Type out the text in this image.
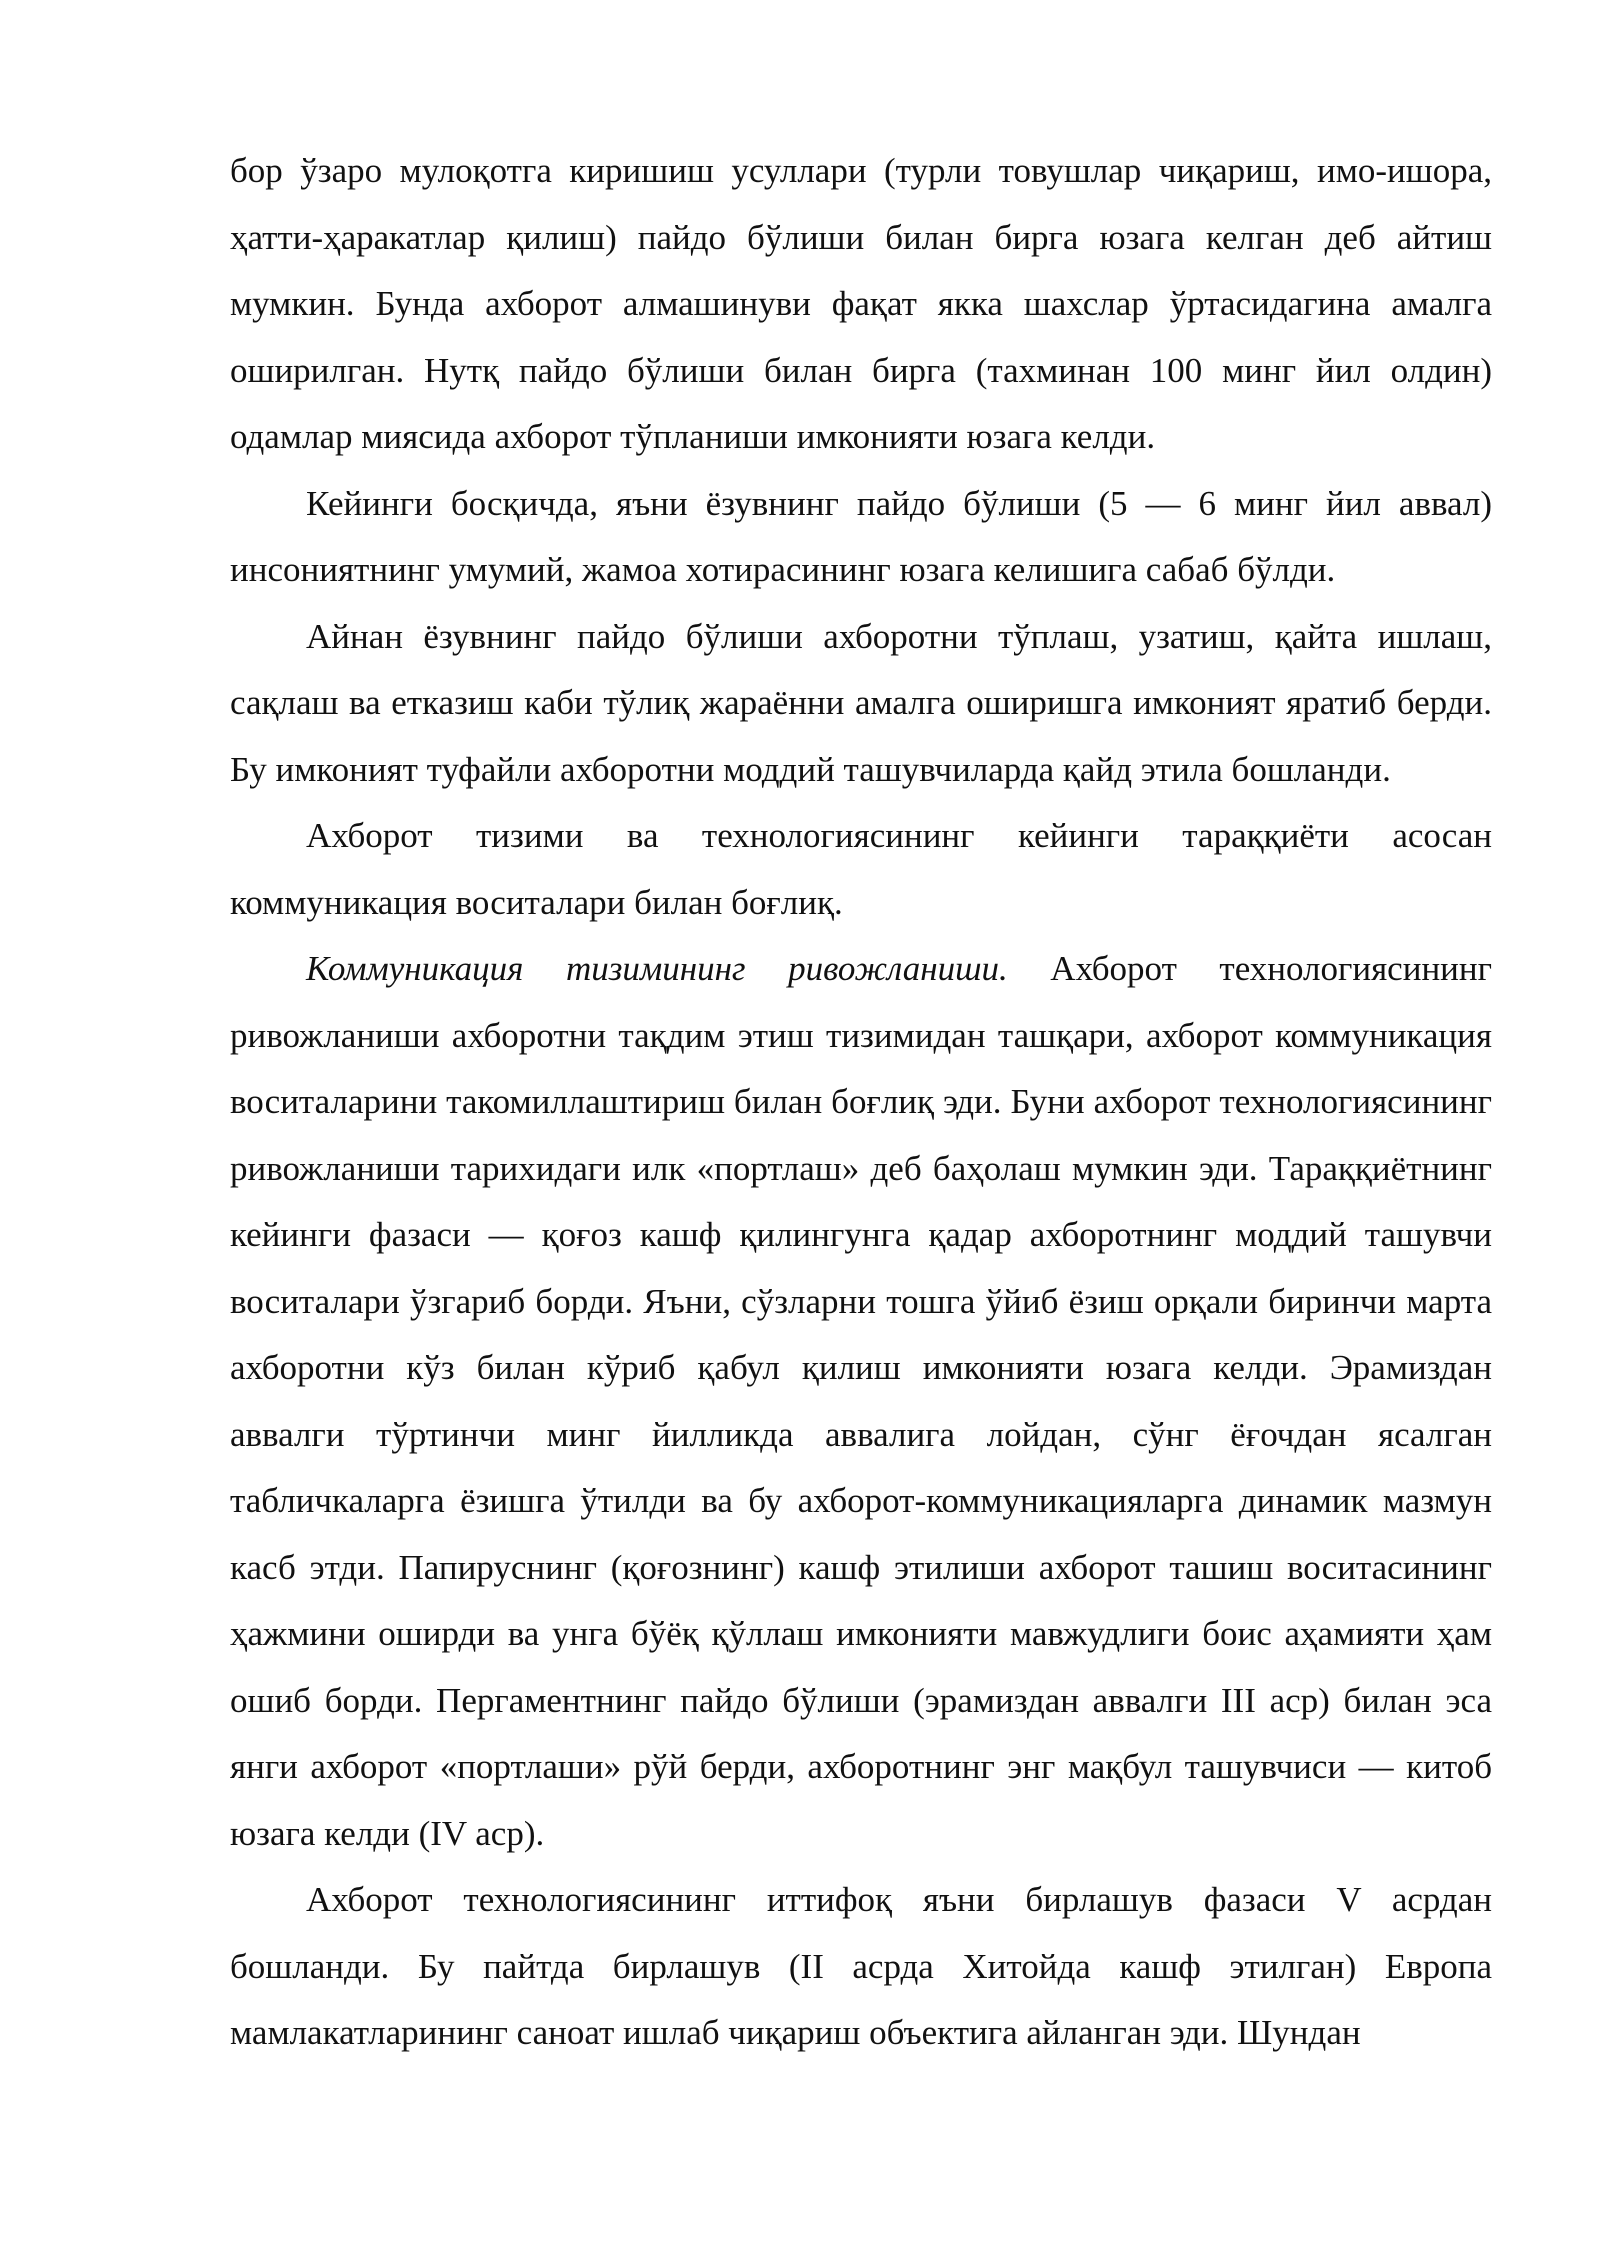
бор ўзаро мулоқотга киришиш усуллари (турли товушлар чиқариш, имо-ишора, ҳатти-ҳаракатлар қилиш) пайдо бўлиши билан бирга юзага келган деб айтиш мумкин. Бунда ахборот алмашинуви фақат якка шахслар ўртасидагина амалга оширилган. Нутқ пайдо бўлиши билан бирга (тахминан 100 минг йил олдин) одамлар миясида ахборот тўпланиши имконияти юзага келди.

Кейинги босқичда, яъни ёзувнинг пайдо бўлиши (5 — 6 минг йил аввал) инсониятнинг умумий, жамоа хотирасининг юзага келишига сабаб бўлди.

Айнан ёзувнинг пайдо бўлиши ахборотни тўплаш, узатиш, қайта ишлаш, сақлаш ва етказиш каби тўлиқ жараённи амалга оширишга имконият яратиб берди. Бу имконият туфайли ахборотни моддий ташувчиларда қайд этила бошланди.

Ахборот тизими ва технологиясининг кейинги тараққиёти асосан коммуникация воситалари билан боғлиқ.

Коммуникация тизимининг ривожланиши. Ахборот технологиясининг ривожланиши ахборотни тақдим этиш тизимидан ташқари, ахборот коммуникация воситаларини такомиллаштириш билан боғлиқ эди. Буни ахборот технологиясининг ривожланиши тарихидаги илк «портлаш» деб баҳолаш мумкин эди. Тараққиётнинг кейинги фазаси — қоғоз кашф қилингунга қадар ахборотнинг моддий ташувчи воситалари ўзгариб борди. Яъни, сўзларни тошга ўйиб ёзиш орқали биринчи марта ахборотни кўз билан кўриб қабул қилиш имконияти юзага келди. Эрамиздан аввалги тўртинчи минг йилликда аввалига лойдан, сўнг ёғочдан ясалган табличкаларга ёзишга ўтилди ва бу ахборот-коммуникацияларга динамик мазмун касб этди. Папируснинг (қоғознинг) кашф этилиши ахборот ташиш воситасининг ҳажмини оширди ва унга бўёқ қўллаш имконияти мавжудлиги боис аҳамияти ҳам ошиб борди. Пергаментнинг пайдо бўлиши (эрамиздан аввалги III аср) билан эса янги ахборот «портлаши» рўй берди, ахборотнинг энг мақбул ташувчиси — китоб юзага келди (IV аср).

Ахборот технологиясининг иттифоқ яъни бирлашув фазаси V асрдан бошланди. Бу пайтда бирлашув (II асрда Хитойда кашф этилган) Европа мамлакатларининг саноат ишлаб чиқариш объектига айланган эди. Шундан
